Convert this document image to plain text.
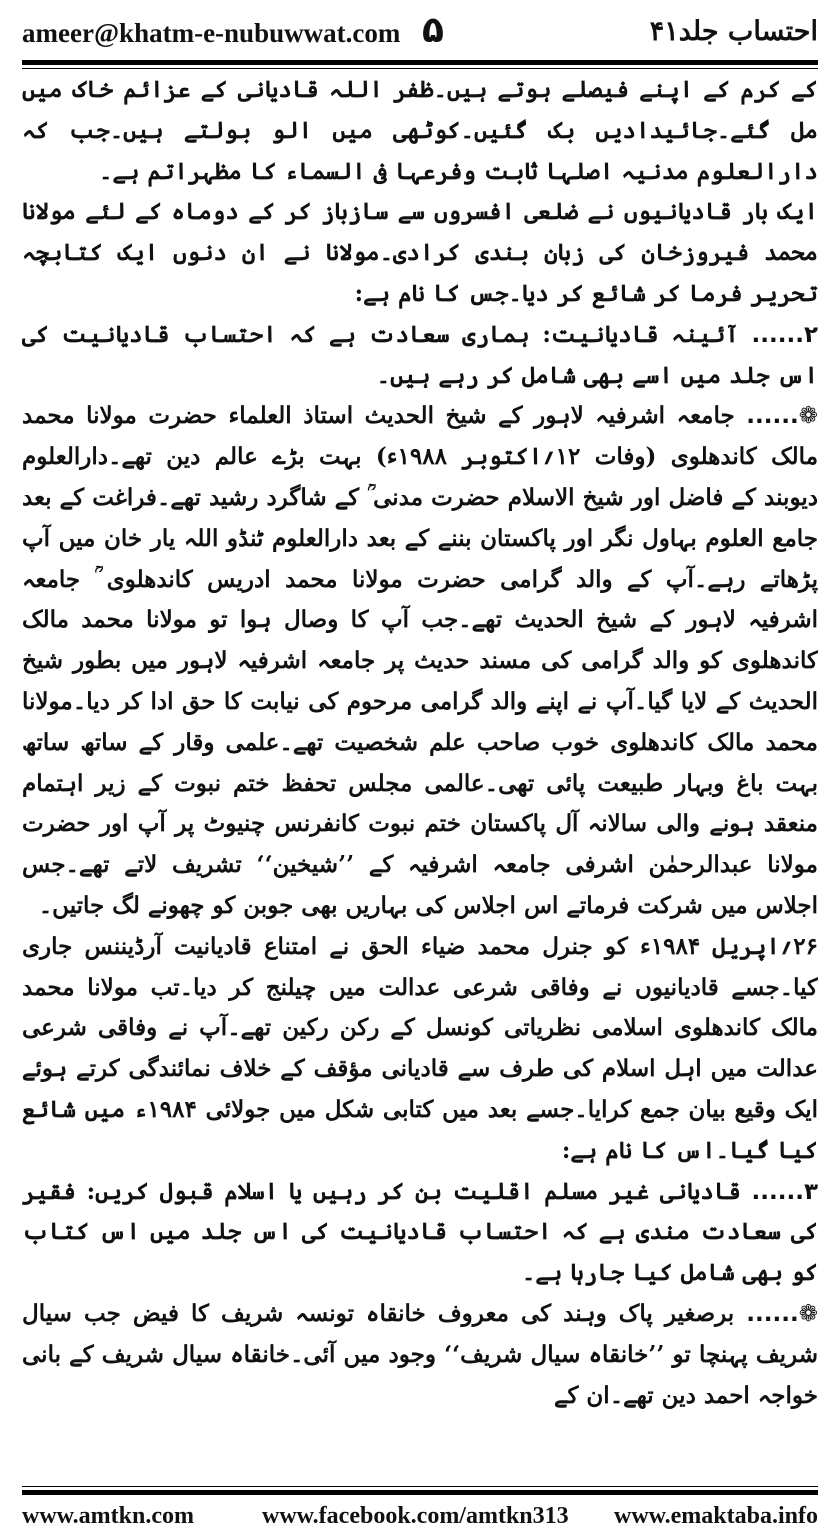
ameer@khatm-e-nubuwwat.com ۵	احتساب جلد۴۱

کے کرم کے اپنے فیصلے ہوتے ہیں۔ظفر اللہ قادیانی کے عزائم خاک میں مل گئے۔جائیدادیں بک گئیں۔کوٹھی میں الو بولتے ہیں۔جب کہ دارالعلوم مدنیہ اصلہا ثابت وفرعہا فی السماء کا مظہراتم ہے۔

ایک بار قادیانیوں نے ضلعی افسروں سے سازباز کر کے دوماہ کے لئے مولانا محمد فیروزخان کی زبان بندی کرادی۔مولانا نے ان دنوں ایک کتابچہ تحریر فرما کر شائع کر دیا۔جس کا نام ہے:

۲...... آئینہ قادیانیت: ہماری سعادت ہے کہ احتساب قادیانیت کی اس جلد میں اسے بھی شامل کر رہے ہیں۔

❁...... جامعہ اشرفیہ لاہور کے شیخ الحدیث استاذ العلماء حضرت مولانا محمد مالک کاندھلوی (وفات ۱۲؍اکتوبر ۱۹۸۸ء) بہت بڑے عالم دین تھے۔دارالعلوم دیوبند کے فاضل اور شیخ الاسلام حضرت مدنی ؒ کے شاگرد رشید تھے۔فراغت کے بعد جامع العلوم بہاول نگر اور پاکستان بننے کے بعد دارالعلوم ٹنڈو اللہ یار خان میں آپ پڑھاتے رہے۔آپ کے والد گرامی حضرت مولانا محمد ادریس کاندھلوی ؒ جامعہ اشرفیہ لاہور کے شیخ الحدیث تھے۔جب آپ کا وصال ہوا تو مولانا محمد مالک کاندھلوی کو والد گرامی کی مسند حدیث پر جامعہ اشرفیہ لاہور میں بطور شیخ الحدیث کے لایا گیا۔آپ نے اپنے والد گرامی مرحوم کی نیابت کا حق ادا کر دیا۔مولانا محمد مالک کاندھلوی خوب صاحب علم شخصیت تھے۔علمی وقار کے ساتھ ساتھ بہت باغ وبہار طبیعت پائی تھی۔عالمی مجلس تحفظ ختم نبوت کے زیر اہتمام منعقد ہونے والی سالانہ آل پاکستان ختم نبوت کانفرنس چنیوٹ پر آپ اور حضرت مولانا عبدالرحمٰن اشرفی جامعہ اشرفیہ کے ’’شیخین‘‘ تشریف لاتے تھے۔جس اجلاس میں شرکت فرماتے اس اجلاس کی بہاریں بھی جوبن کو چھونے لگ جاتیں۔

۲۶؍اپریل ۱۹۸۴ء کو جنرل محمد ضیاء الحق نے امتناع قادیانیت آرڈیننس جاری کیا۔جسے قادیانیوں نے وفاقی شرعی عدالت میں چیلنج کر دیا۔تب مولانا محمد مالک کاندھلوی اسلامی نظریاتی کونسل کے رکن رکین تھے۔آپ نے وفاقی شرعی عدالت میں اہل اسلام کی طرف سے قادیانی مؤقف کے خلاف نمائندگی کرتے ہوئے ایک وقیع بیان جمع کرایا۔جسے بعد میں کتابی شکل میں جولائی ۱۹۸۴ء میں شائع کیا گیا۔اس کا نام ہے:

۳...... قادیانی غیر مسلم اقلیت بن کر رہیں یا اسلام قبول کریں: فقیر کی سعادت مندی ہے کہ احتساب قادیانیت کی اس جلد میں اس کتاب کو بھی شامل کیا جارہا ہے۔

❁...... برصغیر پاک وہند کی معروف خانقاہ تونسہ شریف کا فیض جب سیال شریف پہنچا تو ’’خانقاہ سیال شریف‘‘ وجود میں آئی۔خانقاہ سیال شریف کے بانی خواجہ احمد دین تھے۔ان کے

www.amtkn.com	www.facebook.com/amtkn313 www.emaktaba.info
